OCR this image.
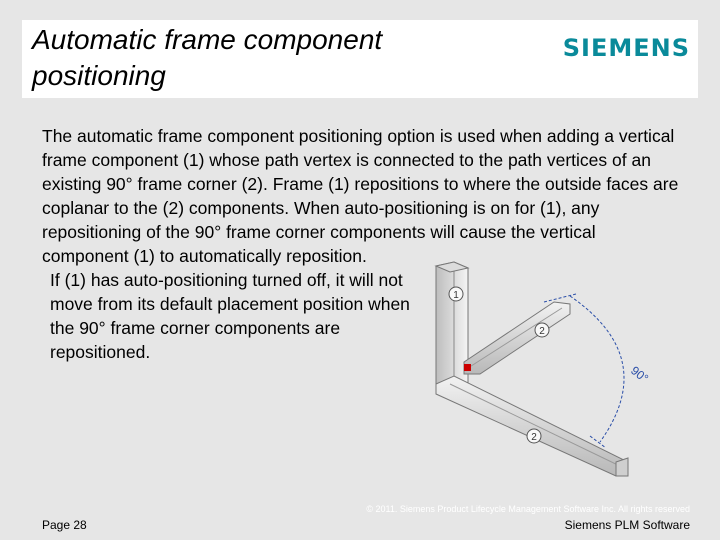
Automatic frame component positioning
SIEMENS

The automatic frame component positioning option is used when adding a vertical frame component (1) whose path vertex is connected to the path vertices of an existing 90° frame corner (2). Frame (1) repositions to where the outside faces are coplanar to the (2) components. When auto-positioning is on for (1), any repositioning of the 90° frame corner components will cause the vertical

component (1) to automatically reposition.

If (1) has auto-positioning turned off, it will not move from its default placement position when the 90° frame corner components are repositioned.

90°
1
2
2
© 2011. Siemens Product Lifecycle Management Software Inc. All rights reserved
Page 28	Siemens PLM Software
